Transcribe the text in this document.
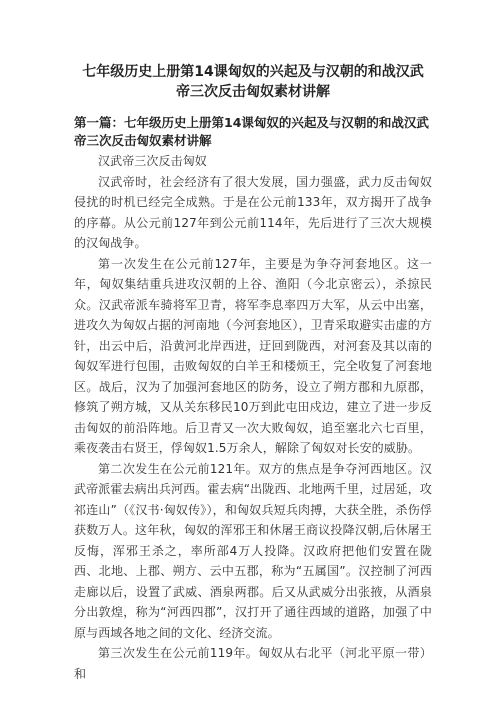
七年级历史上册第14课匈奴的兴起及与汉朝的和战汉武帝三次反击匈奴素材讲解
第一篇：七年级历史上册第14课匈奴的兴起及与汉朝的和战汉武帝三次反击匈奴素材讲解

汉武帝三次反击匈奴

汉武帝时，社会经济有了很大发展，国力强盛，武力反击匈奴侵扰的时机已经完全成熟。于是在公元前133年，双方揭开了战争的序幕。从公元前127年到公元前114年，先后进行了三次大规模的汉匈战争。

第一次发生在公元前127年，主要是为争夺河套地区。这一年，匈奴集结重兵进攻汉朝的上谷、渔阳（今北京密云），杀掠民众。汉武帝派车骑将军卫青，将军李息率四万大军，从云中出塞，进攻久为匈奴占据的河南地（今河套地区），卫青采取避实击虚的方针，出云中后，沿黄河北岸西进，迂回到陇西，对河套及其以南的匈奴军进行包围，击败匈奴的白羊王和楼烦王，完全收复了河套地区。战后，汉为了加强河套地区的防务，设立了朔方郡和九原郡，修筑了朔方城，又从关东移民10万到此屯田戍边，建立了进一步反击匈奴的前沿阵地。后卫青又一次大败匈奴，追至塞北六七百里，乘夜袭击右贤王，俘匈奴1.5万余人，解除了匈奴对长安的威胁。

第二次发生在公元前121年。双方的焦点是争夺河西地区。汉武帝派霍去病出兵河西。霍去病“出陇西、北地两千里，过居延，攻祁连山”（《汉书·匈奴传》），和匈奴兵短兵肉搏，大获全胜，杀伤俘获数万人。这年秋，匈奴的浑邪王和休屠王商议投降汉朝,后休屠王反悔，浑邪王杀之，率所部4万人投降。汉政府把他们安置在陇西、北地、上郡、朔方、云中五郡，称为“五属国”。汉控制了河西走廊以后，设置了武威、酒泉两郡。后又从武威分出张掖，从酒泉分出敦煌，称为“河西四郡”，汉打开了通往西域的道路，加强了中原与西域各地之间的文化、经济交流。

第三次发生在公元前119年。匈奴从右北平（河北平原一带）和
